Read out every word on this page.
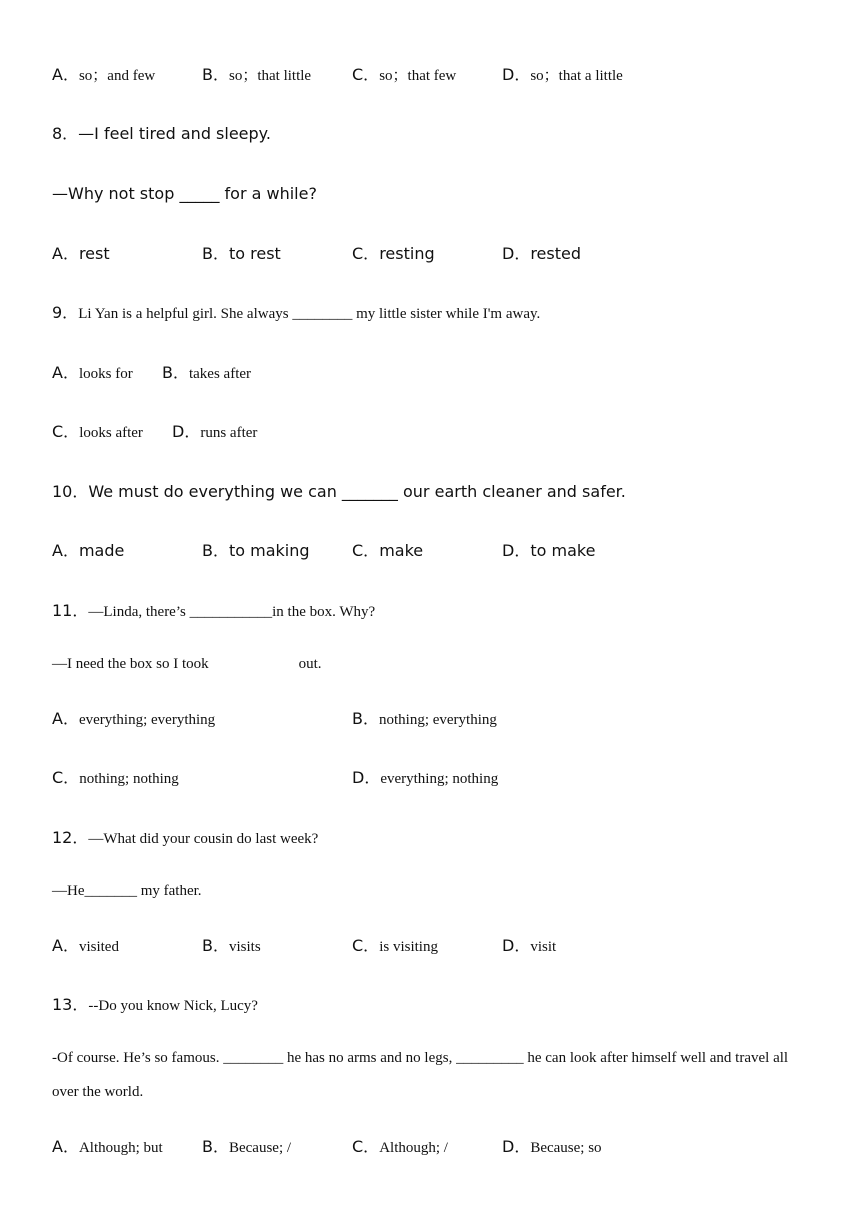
A．so；and few	B．so；that little	C．so；that few	D．so；that a little
8．—I feel tired and sleepy.
—Why not stop _____ for a while?
A．rest	B．to rest	C．resting	D．rested
9．Li Yan is a helpful girl. She always ________ my little sister while I'm away.
A．looks for B．takes after
C．looks after D．runs after
10．We must do everything we can _______ our earth cleaner and safer.
A．made	B．to making	C．make	D．to make
11．—Linda, there’s ___________in the box. Why?
—I need the box so I took	out.
A．everything; everything	B．nothing; everything
C．nothing; nothing	D．everything; nothing
12．—What did your cousin do last week?
—He_______ my father.
A．visited	B．visits	C．is visiting	D．visit
13．--Do you know Nick, Lucy?
-Of course. He’s so famous. ________ he has no arms and no legs, _________ he can look after himself well and travel all
over the world.
A．Although; but B．Because; /	C．Although; /	D．Because; so
